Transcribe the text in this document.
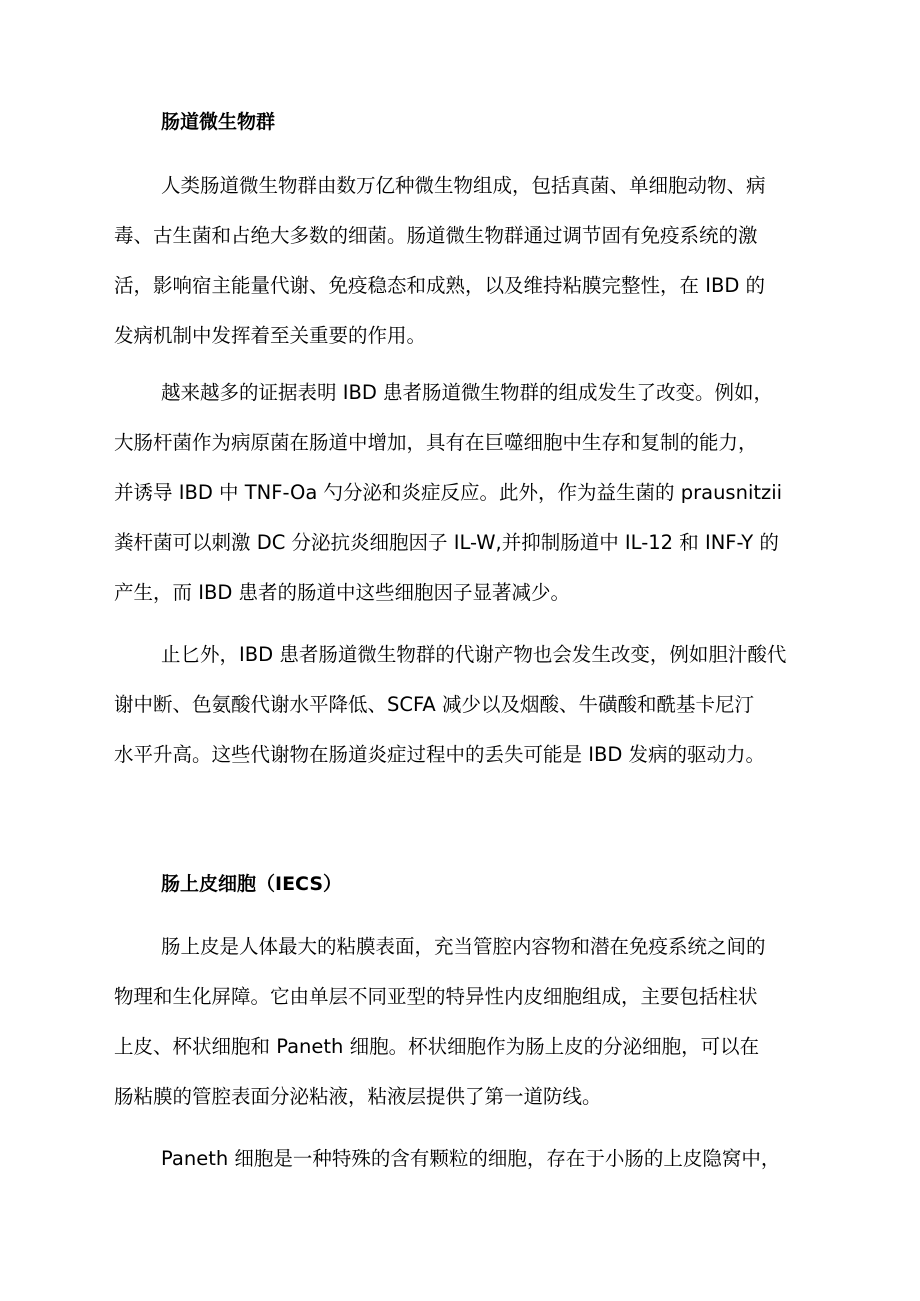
肠道微生物群
人类肠道微生物群由数万亿种微生物组成，包括真菌、单细胞动物、病
毒、古生菌和占绝大多数的细菌。肠道微生物群通过调节固有免疫系统的激
活，影响宿主能量代谢、免疫稳态和成熟，以及维持粘膜完整性，在 IBD 的
发病机制中发挥着至关重要的作用。
越来越多的证据表明 IBD 患者肠道微生物群的组成发生了改变。例如，
大肠杆菌作为病原菌在肠道中增加，具有在巨噬细胞中生存和复制的能力，
并诱导 IBD 中 TNF-Oa 勺分泌和炎症反应。此外，作为益生菌的 prausnitzii
粪杆菌可以刺激 DC 分泌抗炎细胞因子 IL-W,并抑制肠道中 IL-12 和 INF-Y 的
产生，而 IBD 患者的肠道中这些细胞因子显著减少。
止匕外，IBD 患者肠道微生物群的代谢产物也会发生改变，例如胆汁酸代
谢中断、色氨酸代谢水平降低、SCFA 减少以及烟酸、牛磺酸和酰基卡尼汀
水平升高。这些代谢物在肠道炎症过程中的丢失可能是 IBD 发病的驱动力。
肠上皮细胞（IECS）
肠上皮是人体最大的粘膜表面，充当管腔内容物和潜在免疫系统之间的
物理和生化屏障。它由单层不同亚型的特异性内皮细胞组成，主要包括柱状
上皮、杯状细胞和 Paneth 细胞。杯状细胞作为肠上皮的分泌细胞，可以在
肠粘膜的管腔表面分泌粘液，粘液层提供了第一道防线。
Paneth 细胞是一种特殊的含有颗粒的细胞，存在于小肠的上皮隐窝中，
